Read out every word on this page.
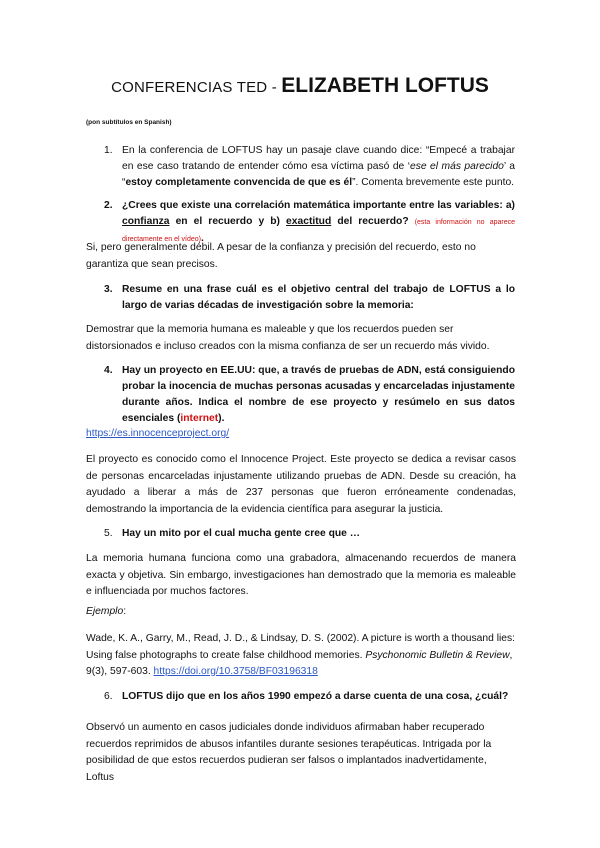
CONFERENCIAS TED - ELIZABETH LOFTUS
(pon subtítulos en Spanish)
1. En la conferencia de LOFTUS hay un pasaje clave cuando dice: “Empecé a trabajar en ese caso tratando de entender cómo esa víctima pasó de ‘ese el más parecido’ a “estoy completamente convencida de que es él”. Comenta brevemente este punto.
2. ¿Crees que existe una correlación matemática importante entre las variables: a) confianza en el recuerdo y b) exactitud del recuerdo? (esta información no aparece directamente en el vídeo).
Si, pero generalmente débil. A pesar de la confianza y precisión del recuerdo, esto no garantiza que sean precisos.
3. Resume en una frase cuál es el objetivo central del trabajo de LOFTUS a lo largo de varias décadas de investigación sobre la memoria:
Demostrar que la memoria humana es maleable y que los recuerdos pueden ser distorsionados e incluso creados con la misma confianza de ser un recuerdo más vivido.
4. Hay un proyecto en EE.UU: que, a través de pruebas de ADN, está consiguiendo probar la inocencia de muchas personas acusadas y encarceladas injustamente durante años. Indica el nombre de ese proyecto y resúmelo en sus datos esenciales (internet).
https://es.innocenceproject.org/
El proyecto es conocido como el Innocence Project. Este proyecto se dedica a revisar casos de personas encarceladas injustamente utilizando pruebas de ADN. Desde su creación, ha ayudado a liberar a más de 237 personas que fueron erróneamente condenadas, demostrando la importancia de la evidencia científica para asegurar la justicia.
5. Hay un mito por el cual mucha gente cree que …
La memoria humana funciona como una grabadora, almacenando recuerdos de manera exacta y objetiva. Sin embargo, investigaciones han demostrado que la memoria es maleable e influenciada por muchos factores.
Ejemplo:
Wade, K. A., Garry, M., Read, J. D., & Lindsay, D. S. (2002). A picture is worth a thousand lies: Using false photographs to create false childhood memories. Psychonomic Bulletin & Review, 9(3), 597-603. https://doi.org/10.3758/BF03196318
6. LOFTUS dijo que en los años 1990 empezó a darse cuenta de una cosa, ¿cuál?
Observó un aumento en casos judiciales donde individuos afirmaban haber recuperado recuerdos reprimidos de abusos infantiles durante sesiones terapéuticas. Intrigada por la posibilidad de que estos recuerdos pudieran ser falsos o implantados inadvertidamente, Loftus
